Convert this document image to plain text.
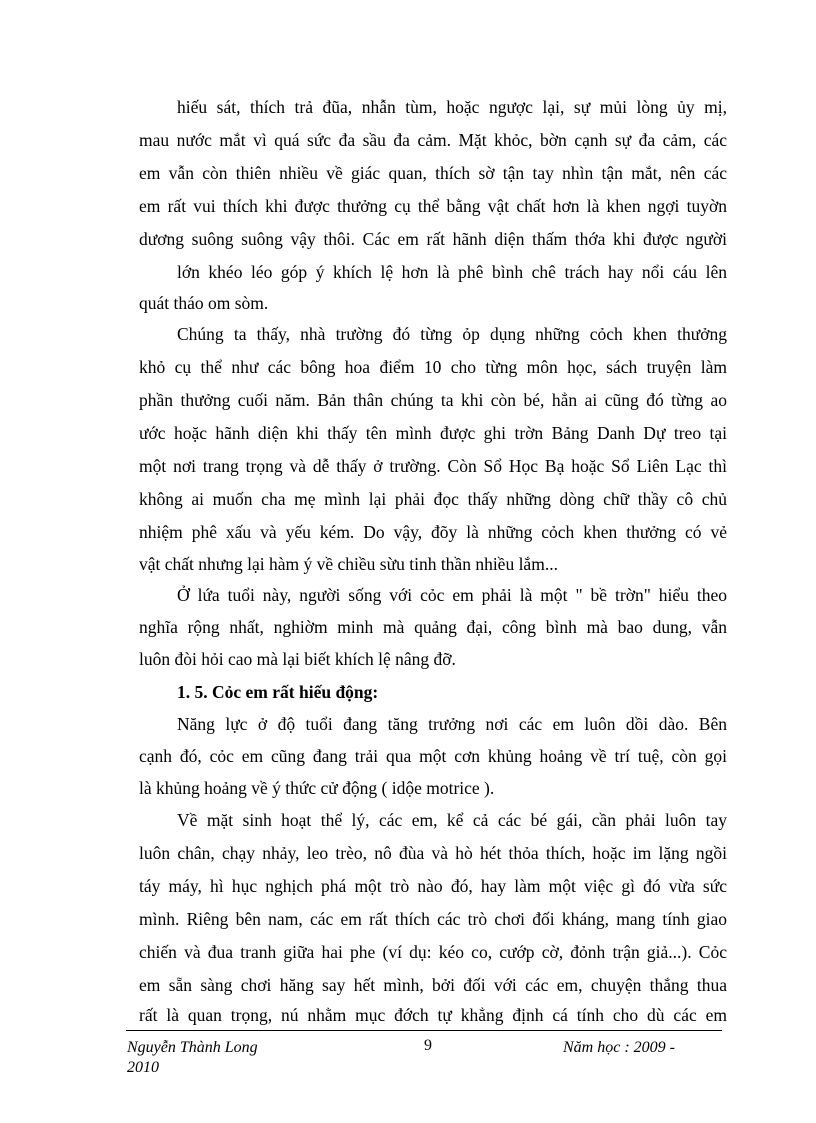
hiếu sát, thích trả đũa, nhẫn tùm, hoặc ngược lại, sự mủi lòng ủy mị,
mau nước mắt vì quá sức đa sầu đa cảm. Mặt khỏc, bờn cạnh sự đa cảm, các
em vẫn còn thiên nhiều về giác quan, thích sờ tận tay nhìn tận mắt, nên các
em rất vui thích khi được thưởng cụ thể bằng vật chất hơn là khen ngợi tuyờn
dương suông suông vậy thôi. Các em rất hãnh diện thấm thớa khi được người
lớn khéo léo góp ý khích lệ hơn là phê bình chê trách hay nổi cáu lên
quát tháo om sòm.
Chúng ta thấy, nhà trường đó từng ỏp dụng những cỏch khen thưởng
khỏ cụ thể như các bông hoa điểm 10 cho từng môn học, sách truyện làm
phần thưởng cuối năm. Bản thân chúng ta khi còn bé, hẳn ai cũng đó từng ao
ước hoặc hãnh diện khi thấy tên mình được ghi trờn Bảng Danh Dự treo tại
một nơi trang trọng và dễ thấy ở trường. Còn Sổ Học Bạ hoặc Sổ Liên Lạc thì
không ai muốn cha mẹ mình lại phải đọc thấy những dòng chữ thầy cô chủ
nhiệm phê xấu và yếu kém. Do vậy, đõy là những cỏch khen thưởng có vẻ
vật chất nhưng lại hàm ý về chiều sừu tinh thần nhiều lắm...
Ở lứa tuổi này, người sống với cỏc em phải là một " bề trờn" hiểu theo
nghĩa rộng nhất, nghiờm minh mà quảng đại, công bình mà bao dung, vẫn
luôn đòi hỏi cao mà lại biết khích lệ nâng đỡ.
1. 5. Cỏc em rất hiếu động:
Năng lực ở độ tuổi đang tăng trưởng nơi các em luôn dồi dào. Bên
cạnh đó, cỏc em cũng đang trải qua một cơn khủng hoảng về trí tuệ, còn gọi
là khủng hoảng về ý thức cử động ( idộe motrice ).
Về mặt sinh hoạt thể lý, các em, kể cả các bé gái, cần phải luôn tay
luôn chân, chạy nhảy, leo trèo, nô đùa và hò hét thỏa thích, hoặc im lặng ngồi
táy máy, hì hục nghịch phá một trò nào đó, hay làm một việc gì đó vừa sức
mình. Riêng bên nam, các em rất thích các trò chơi đối kháng, mang tính giao
chiến và đua tranh giữa hai phe (ví dụ: kéo co, cướp cờ, đỏnh trận giả...). Cỏc
em sẵn sàng chơi hăng say hết mình, bởi đối với các em, chuyện thắng thua
rất là quan trọng, nú nhằm mục đớch tự khẳng định cá tính cho dù các em
Nguyễn Thành Long	9	Năm học : 2009 -
2010
